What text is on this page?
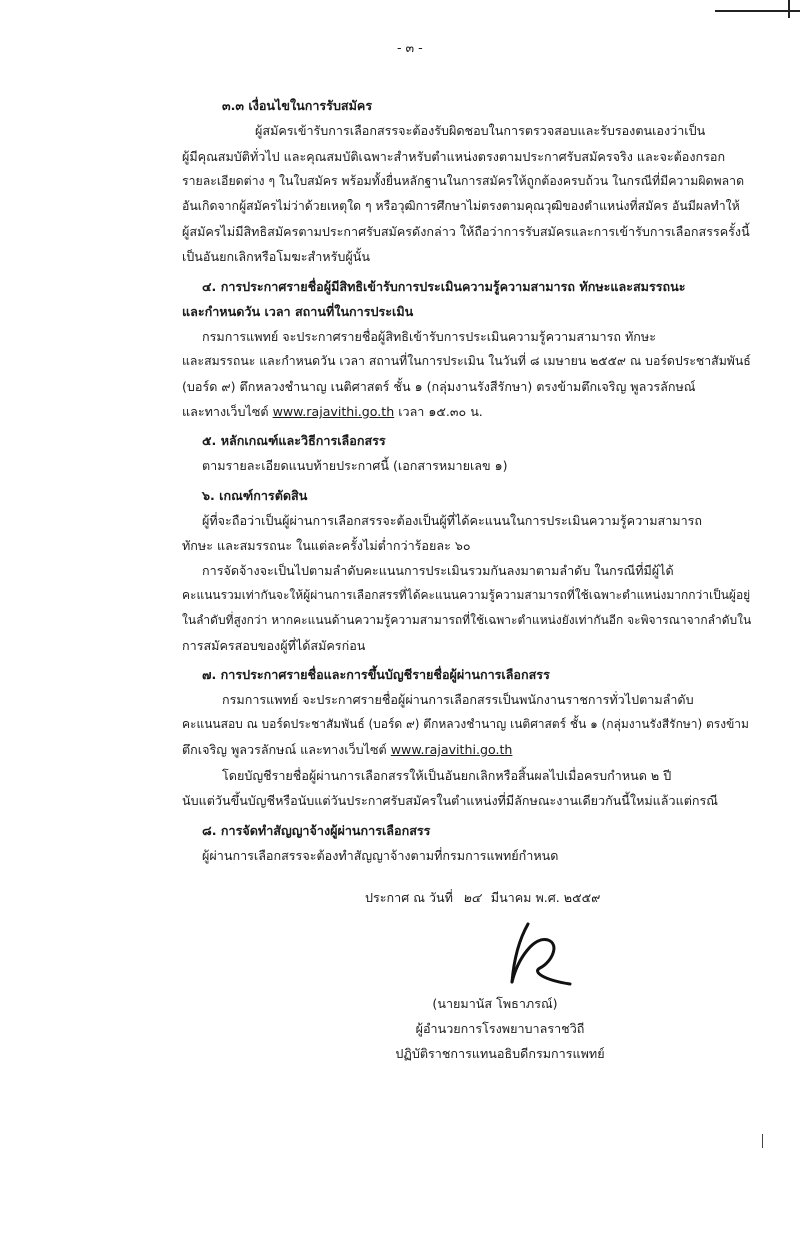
- ๓ -
๓.๓ เงื่อนไขในการรับสมัคร
ผู้สมัครเข้ารับการเลือกสรรจะต้องรับผิดชอบในการตรวจสอบและรับรองตนเองว่าเป็น
ผู้มีคุณสมบัติทั่วไป และคุณสมบัติเฉพาะสำหรับตำแหน่งตรงตามประกาศรับสมัครจริง และจะต้องกรอก
รายละเอียดต่าง ๆ ในใบสมัคร พร้อมทั้งยื่นหลักฐานในการสมัครให้ถูกต้องครบถ้วน ในกรณีที่มีความผิดพลาด
อันเกิดจากผู้สมัครไม่ว่าด้วยเหตุใด ๆ หรือวุฒิการศึกษาไม่ตรงตามคุณวุฒิของตำแหน่งที่สมัคร อันมีผลทำให้
ผู้สมัครไม่มีสิทธิสมัครตามประกาศรับสมัครดังกล่าว ให้ถือว่าการรับสมัครและการเข้ารับการเลือกสรรครั้งนี้
เป็นอันยกเลิกหรือโมฆะสำหรับผู้นั้น
๔. การประกาศรายชื่อผู้มีสิทธิเข้ารับการประเมินความรู้ความสามารถ ทักษะและสมรรถนะ
และกำหนดวัน เวลา สถานที่ในการประเมิน
กรมการแพทย์ จะประกาศรายชื่อผู้สิทธิเข้ารับการประเมินความรู้ความสามารถ ทักษะ
และสมรรถนะ และกำหนดวัน เวลา สถานที่ในการประเมิน ในวันที่ ๘ เมษายน ๒๕๕๙ ณ บอร์ดประชาสัมพันธ์
(บอร์ด ๙) ตึกหลวงชำนาญ เนติศาสตร์ ชั้น ๑ (กลุ่มงานรังสีรักษา) ตรงข้ามตึกเจริญ พูลวรลักษณ์
และทางเว็บไซต์ www.rajavithi.go.th เวลา ๑๕.๓๐ น.
๕. หลักเกณฑ์และวิธีการเลือกสรร
ตามรายละเอียดแนบท้ายประกาศนี้ (เอกสารหมายเลข ๑)
๖. เกณฑ์การตัดสิน
ผู้ที่จะถือว่าเป็นผู้ผ่านการเลือกสรรจะต้องเป็นผู้ที่ได้คะแนนในการประเมินความรู้ความสามารถ
ทักษะ และสมรรถนะ ในแต่ละครั้งไม่ต่ำกว่าร้อยละ ๖๐
การจัดจ้างจะเป็นไปตามลำดับคะแนนการประเมินรวมกันลงมาตามลำดับ ในกรณีที่มีผู้ได้
คะแนนรวมเท่ากันจะให้ผู้ผ่านการเลือกสรรที่ได้คะแนนความรู้ความสามารถที่ใช้เฉพาะตำแหน่งมากกว่าเป็นผู้อยู่
ในลำดับที่สูงกว่า หากคะแนนด้านความรู้ความสามารถที่ใช้เฉพาะตำแหน่งยังเท่ากันอีก จะพิจารณาจากลำดับใน
การสมัครสอบของผู้ที่ได้สมัครก่อน
๗. การประกาศรายชื่อและการขึ้นบัญชีรายชื่อผู้ผ่านการเลือกสรร
กรมการแพทย์ จะประกาศรายชื่อผู้ผ่านการเลือกสรรเป็นพนักงานราชการทั่วไปตามลำดับ
คะแนนสอบ ณ บอร์ดประชาสัมพันธ์ (บอร์ด ๙) ตึกหลวงชำนาญ เนติศาสตร์ ชั้น ๑ (กลุ่มงานรังสีรักษา) ตรงข้าม
ตึกเจริญ พูลวรลักษณ์ และทางเว็บไซต์ www.rajavithi.go.th
โดยบัญชีรายชื่อผู้ผ่านการเลือกสรรให้เป็นอันยกเลิกหรือสิ้นผลไปเมื่อครบกำหนด ๒ ปี
นับแต่วันขึ้นบัญชีหรือนับแต่วันประกาศรับสมัครในตำแหน่งที่มีลักษณะงานเดียวกันนี้ใหม่แล้วแต่กรณี
๘. การจัดทำสัญญาจ้างผู้ผ่านการเลือกสรร
ผู้ผ่านการเลือกสรรจะต้องทำสัญญาจ้างตามที่กรมการแพทย์กำหนด
ประกาศ ณ วันที่ ๒๔ มีนาคม พ.ศ. ๒๕๕๙
(นายมานัส โพธาภรณ์)
ผู้อำนวยการโรงพยาบาลราชวิถี
ปฏิบัติราชการแทนอธิบดีกรมการแพทย์
